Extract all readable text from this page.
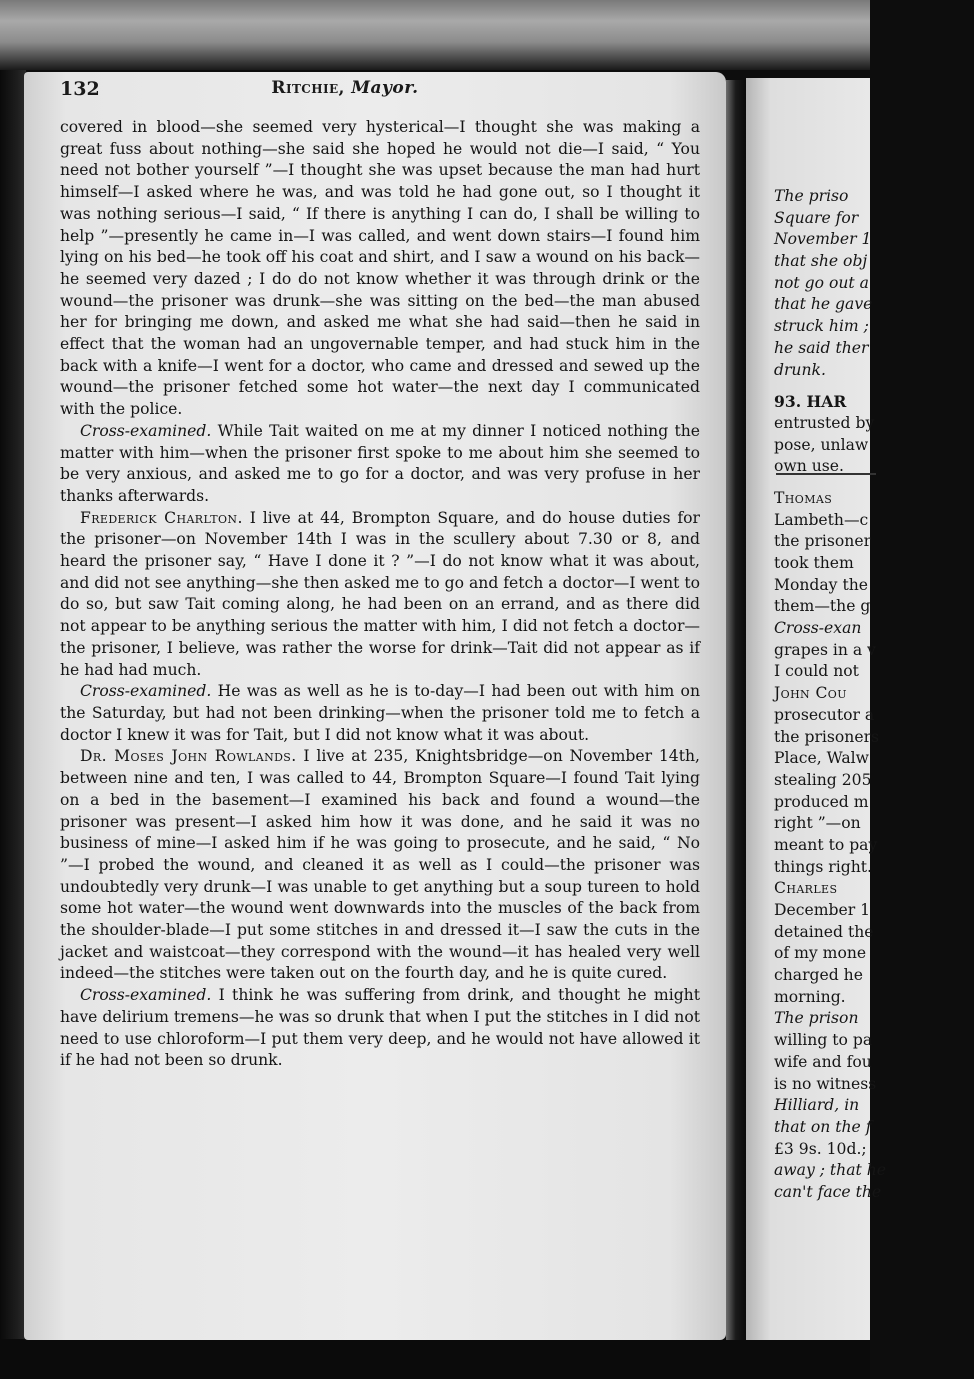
The priso
Square for
November 1
that she obj
not go out a
that he gave
struck him ;
he said ther
drunk.
93. HAR
entrusted by
pose, unlaw
own use.
Thomas
Lambeth—c
the prisoner
took them
Monday the
them—the g
Cross-exan
grapes in a v
I could not
John Cou
prosecutor a
the prisoners
Place, Walw
stealing 205
produced m
right ”—on
meant to pay
things right.
Charles
December 1
detained the
of my mone
charged he
morning.
The prison
willing to pa
wife and fou
is no witness
Hilliard, in
that on the f
£3 9s. 10d.;
away ; that he
can't face the
132	Ritchie, Mayor.

covered in blood—she seemed very hysterical—I thought she was making a great fuss about nothing—she said she hoped he would not die—I said, “ You need not bother yourself ”—I thought she was upset because the man had hurt himself—I asked where he was, and was told he had gone out, so I thought it was nothing serious—I said, “ If there is anything I can do, I shall be willing to help ”—presently he came in—I was called, and went down stairs—I found him lying on his bed—he took off his coat and shirt, and I saw a wound on his back—he seemed very dazed ; I do do not know whether it was through drink or the wound—the prisoner was drunk—she was sitting on the bed—the man abused her for bringing me down, and asked me what she had said—then he said in effect that the woman had an ungovernable temper, and had stuck him in the back with a knife—I went for a doctor, who came and dressed and sewed up the wound—the prisoner fetched some hot water—the next day I communicated with the police.

Cross-examined. While Tait waited on me at my dinner I noticed nothing the matter with him—when the prisoner first spoke to me about him she seemed to be very anxious, and asked me to go for a doctor, and was very profuse in her thanks afterwards.

Frederick Charlton. I live at 44, Brompton Square, and do house duties for the prisoner—on November 14th I was in the scullery about 7.30 or 8, and heard the prisoner say, “ Have I done it ? ”—I do not know what it was about, and did not see anything—she then asked me to go and fetch a doctor—I went to do so, but saw Tait coming along, he had been on an errand, and as there did not appear to be anything serious the matter with him, I did not fetch a doctor—the prisoner, I believe, was rather the worse for drink—Tait did not appear as if he had had much.

Cross-examined. He was as well as he is to-day—I had been out with him on the Saturday, but had not been drinking—when the prisoner told me to fetch a doctor I knew it was for Tait, but I did not know what it was about.

Dr. Moses John Rowlands. I live at 235, Knightsbridge—on November 14th, between nine and ten, I was called to 44, Brompton Square—I found Tait lying on a bed in the basement—I examined his back and found a wound—the prisoner was present—I asked him how it was done, and he said it was no business of mine—I asked him if he was going to prosecute, and he said, “ No ”—I probed the wound, and cleaned it as well as I could—the prisoner was undoubtedly very drunk—I was unable to get anything but a soup tureen to hold some hot water—the wound went downwards into the muscles of the back from the shoulder-blade—I put some stitches in and dressed it—I saw the cuts in the jacket and waistcoat—they correspond with the wound—it has healed very well indeed—the stitches were taken out on the fourth day, and he is quite cured.

Cross-examined. I think he was suffering from drink, and thought he might have delirium tremens—he was so drunk that when I put the stitches in I did not need to use chloroform—I put them very deep, and he would not have allowed it if he had not been so drunk.
